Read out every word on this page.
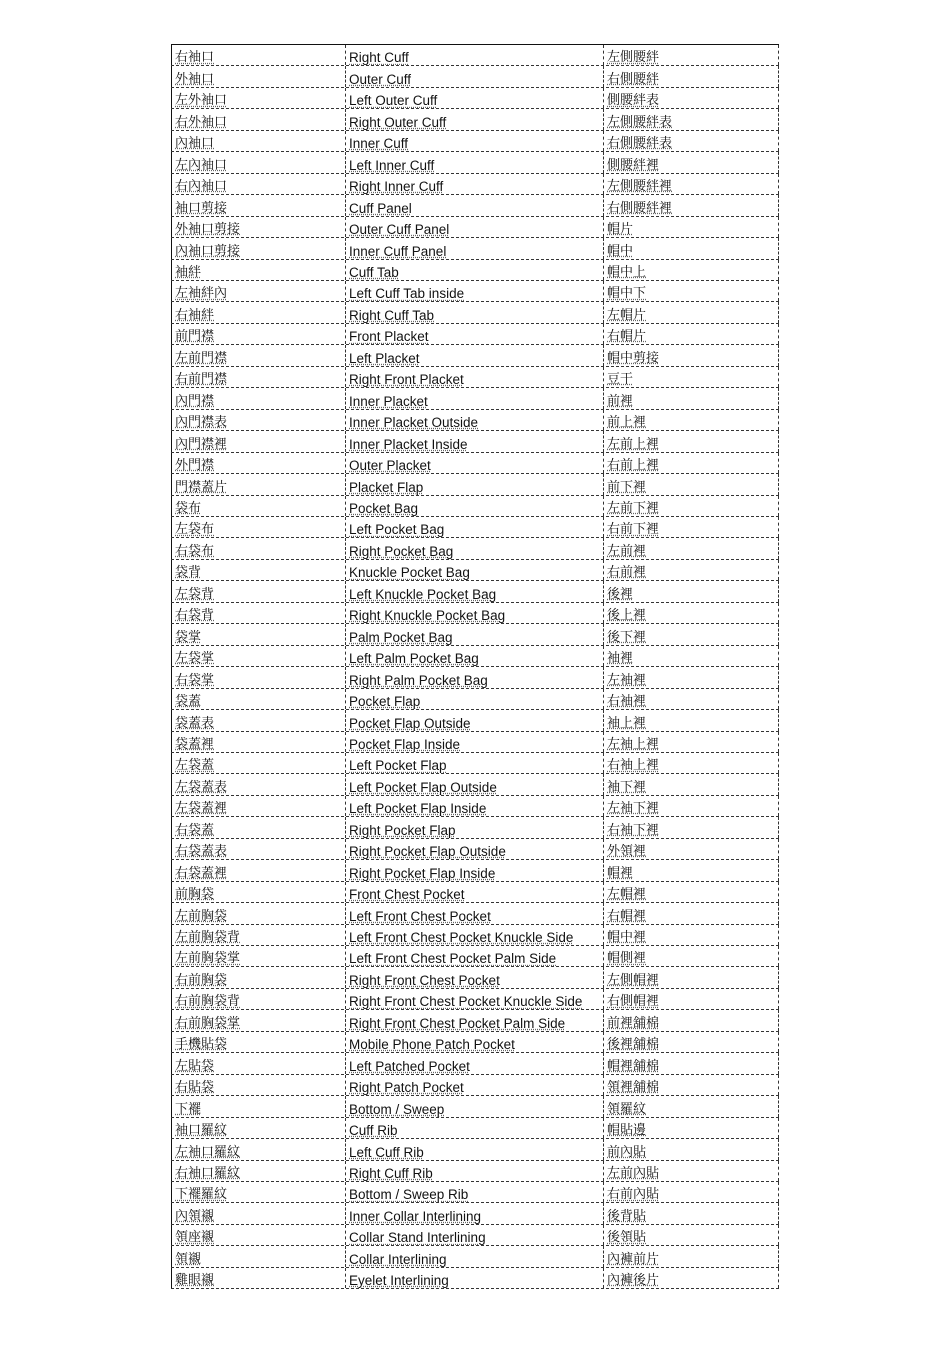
右袖口	Right Cuff	左側腰絆
外袖口	Outer Cuff	右側腰絆
左外袖口	Left Outer Cuff	側腰絆表
右外袖口	Right Outer Cuff	左側腰絆表
內袖口	Inner Cuff	右側腰絆表
左內袖口	Left Inner Cuff	側腰絆裡
右內袖口	Right Inner Cuff	左側腰絆裡
袖口剪接	Cuff Panel	右側腰絆裡
外袖口剪接	Outer Cuff Panel	帽片
內袖口剪接	Inner Cuff Panel	帽中
袖絆	Cuff Tab	帽中上
左袖絆內	Left Cuff Tab inside	帽中下
右袖絆	Right Cuff Tab	左帽片
前門襟	Front Placket	右帽片
左前門襟	Left Placket	帽中剪接
右前門襟	Right Front Placket	豆干
內門襟	Inner Placket	前裡
內門襟表	Inner Placket Outside	前上裡
內門襟裡	Inner Placket Inside	左前上裡
外門襟	Outer Placket	右前上裡
門襟蓋片	Placket Flap	前下裡
袋布	Pocket Bag	左前下裡
左袋布	Left Pocket Bag	右前下裡
右袋布	Right Pocket Bag	左前裡
袋背	Knuckle Pocket Bag	右前裡
左袋背	Left Knuckle Pocket Bag	後裡
右袋背	Right Knuckle Pocket Bag	後上裡
袋掌	Palm Pocket Bag	後下裡
左袋掌	Left Palm Pocket Bag	袖裡
右袋掌	Right Palm Pocket Bag	左袖裡
袋蓋	Pocket Flap	右袖裡
袋蓋表	Pocket Flap Outside	袖上裡
袋蓋裡	Pocket Flap Inside	左袖上裡
左袋蓋	Left Pocket Flap	右袖上裡
左袋蓋表	Left Pocket Flap Outside	袖下裡
左袋蓋裡	Left Pocket Flap Inside	左袖下裡
右袋蓋	Right Pocket Flap	右袖下裡
右袋蓋表	Right Pocket Flap Outside	外領裡
右袋蓋裡	Right Pocket Flap Inside	帽裡
前胸袋	Front Chest Pocket	左帽裡
左前胸袋	Left Front Chest Pocket	右帽裡
左前胸袋背	Left Front Chest Pocket Knuckle Side	帽中裡
左前胸袋掌	Left Front Chest Pocket Palm Side	帽側裡
右前胸袋	Right Front Chest Pocket	左側帽裡
右前胸袋背	Right Front Chest Pocket Knuckle Side 右側帽裡
右前胸袋掌	Right Front Chest Pocket Palm Side	前裡舖棉
手機貼袋	Mobile Phone Patch Pocket	後裡舖棉
左貼袋	Left Patched Pocket	帽裡舖棉
右貼袋	Right Patch Pocket	領裡舖棉
下襬	Bottom / Sweep	領羅紋
袖口羅紋	Cuff Rib	帽貼邊
左袖口羅紋	Left Cuff Rib	前內貼
右袖口羅紋	Right Cuff Rib	左前內貼
下襬羅紋	Bottom / Sweep Rib	右前內貼
內領襯	Inner Collar Interlining	後背貼
領座襯	Collar Stand Interlining	後領貼
領襯	Collar Interlining	內褲前片
雞眼襯	Eyelet Interlining	內褲後片
